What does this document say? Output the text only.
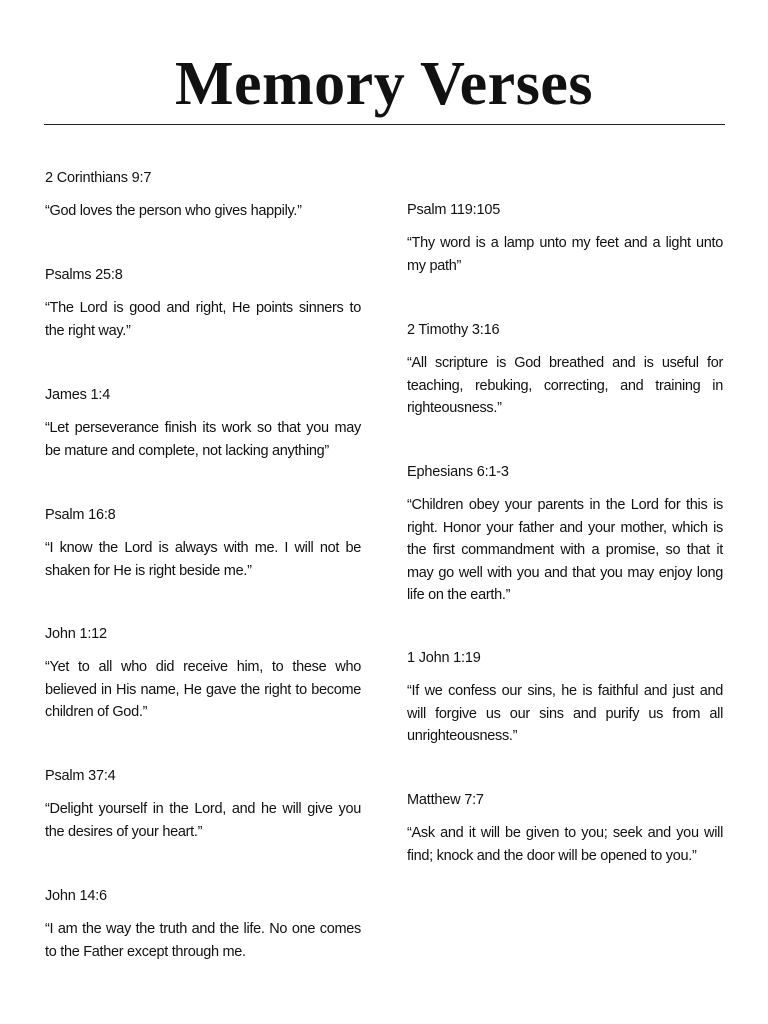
Memory Verses
2 Corinthians 9:7

“God loves the person who gives happily.”

Psalms 25:8

“The Lord is good and right, He points sinners to the right way.”

James 1:4

“Let perseverance finish its work so that you may be mature and complete, not lacking anything”

Psalm 16:8

“I know the Lord is always with me. I will not be shaken for He is right beside me.”

John 1:12

“Yet to all who did receive him, to these who believed in His name, He gave the right to become children of God.”

Psalm 37:4

“Delight yourself in the Lord, and he will give you the desires of your heart.”

John 14:6

“I am the way the truth and the life. No one comes to the Father except through me.

Psalm 119:105

“Thy word is a lamp unto my feet and a light unto my path”

2 Timothy 3:16

“All scripture is God breathed and is useful for teaching, rebuking, correcting, and training in righteousness.”

Ephesians 6:1-3

“Children obey your parents in the Lord for this is right. Honor your father and your mother, which is the first commandment with a promise, so that it may go well with you and that you may enjoy long life on the earth.”

1 John 1:19

“If we confess our sins, he is faithful and just and will forgive us our sins and purify us from all unrighteousness.”

Matthew 7:7

“Ask and it will be given to you; seek and you will find; knock and the door will be opened to you.”
